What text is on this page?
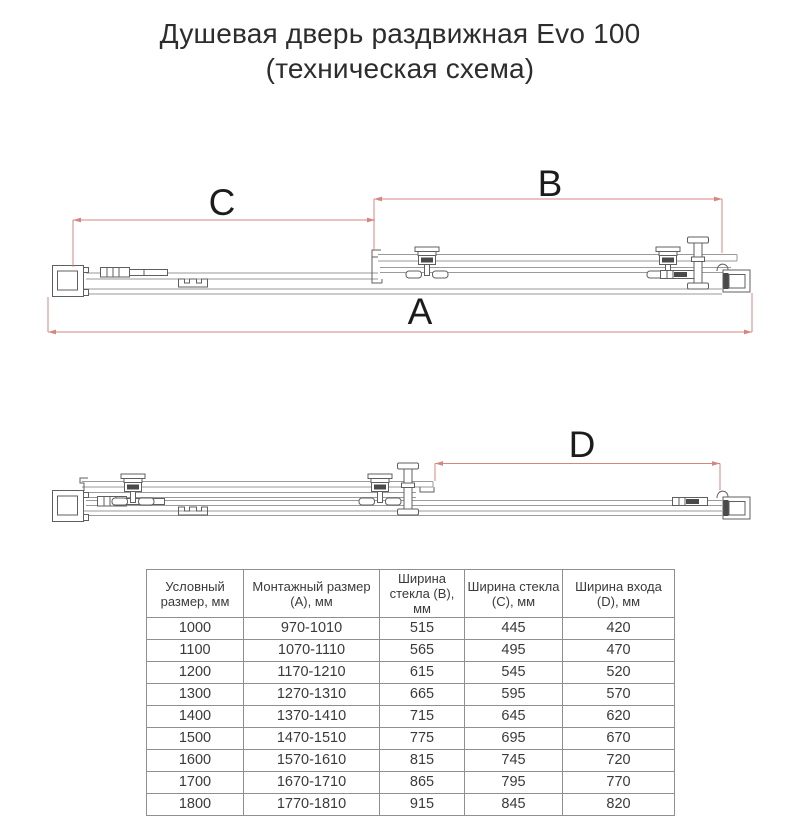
Душевая дверь раздвижная Evo 100
(техническая схема)
C	B
A
D
Условный размер, мм	Монтажный размер (А), мм	Ширина стекла (B), мм	Ширина стекла (C), мм	Ширина входа (D), мм
1000	970-1010	515	445	420
1100	1070-1110	565	495	470
1200	1170-1210	615	545	520
1300	1270-1310	665	595	570
1400	1370-1410	715	645	620
1500	1470-1510	775	695	670
1600	1570-1610	815	745	720
1700	1670-1710	865	795	770
1800	1770-1810	915	845	820
